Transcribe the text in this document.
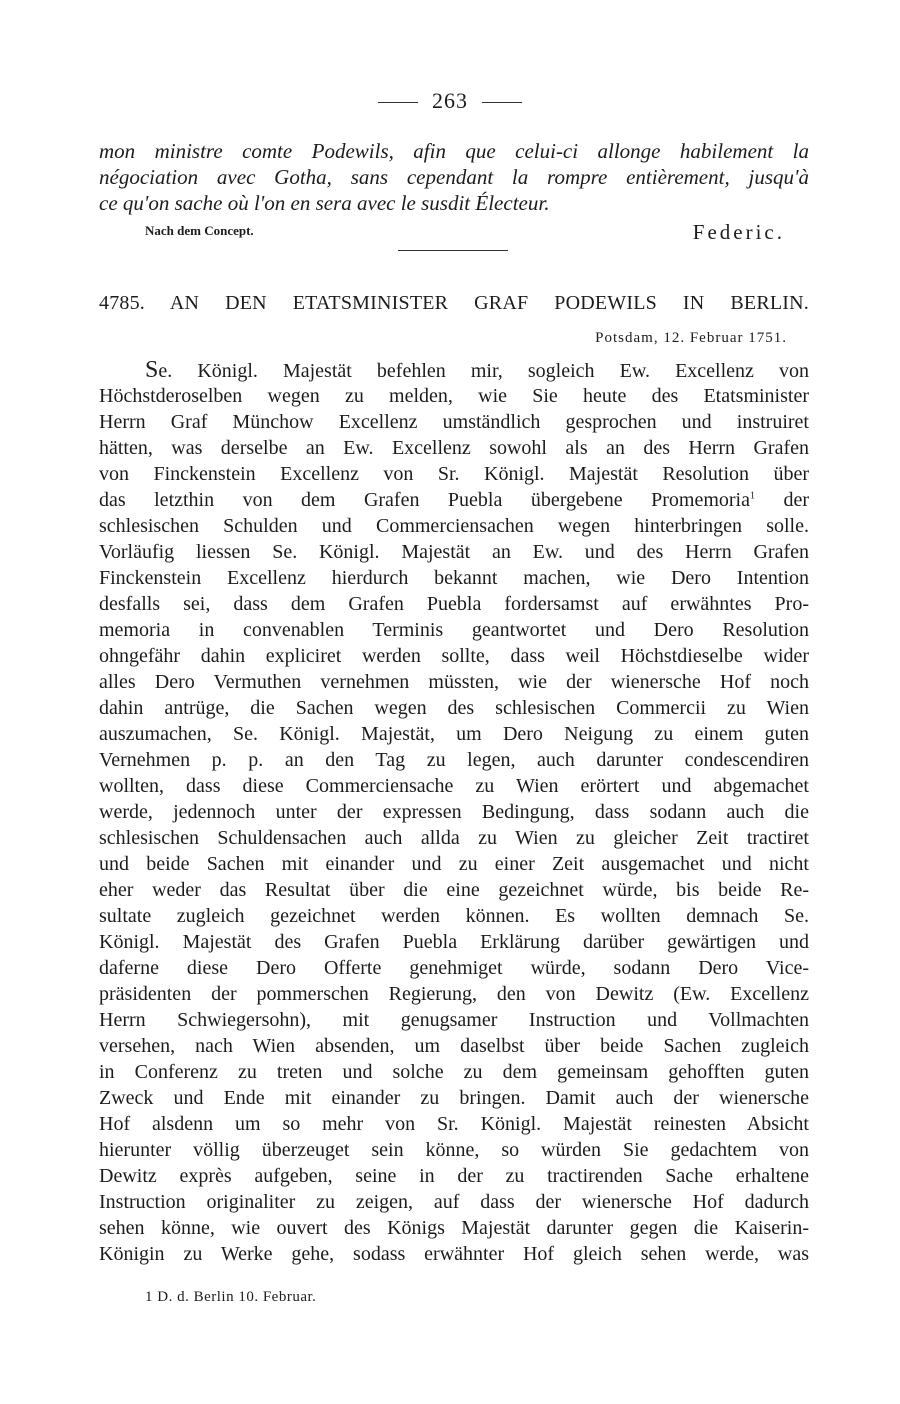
263

mon ministre comte Podewils, afin que celui-ci allonge habilement la

négociation avec Gotha, sans cependant la rompre entièrement, jusqu'à

ce qu'on sache où l'on en sera avec le susdit Électeur.

Nach dem Concept.	Federic.
4785. AN DEN ETATSMINISTER GRAF PODEWILS IN BERLIN.
Potsdam, 12. Februar 1751.
Se. Königl. Majestät befehlen mir, sogleich Ew. Excellenz von
Höchstderoselben wegen zu melden, wie Sie heute des Etatsminister
Herrn Graf Münchow Excellenz umständlich gesprochen und instruiret
hätten, was derselbe an Ew. Excellenz sowohl als an des Herrn Grafen
von Finckenstein Excellenz von Sr. Königl. Majestät Resolution über
das letzthin von dem Grafen Puebla übergebene Promemoria$^1$ der
schlesischen Schulden und Commerciensachen wegen hinterbringen solle.
Vorläufig liessen Se. Königl. Majestät an Ew. und des Herrn Grafen
Finckenstein Excellenz hierdurch bekannt machen, wie Dero Intention
desfalls sei, dass dem Grafen Puebla fordersamst auf erwähntes Pro-
memoria in convenablen Terminis geantwortet und Dero Resolution
ohngefähr dahin expliciret werden sollte, dass weil Höchstdieselbe wider
alles Dero Vermuthen vernehmen müssten, wie der wienersche Hof noch
dahin antrüge, die Sachen wegen des schlesischen Commercii zu Wien
auszumachen, Se. Königl. Majestät, um Dero Neigung zu einem guten
Vernehmen p. p. an den Tag zu legen, auch darunter condescendiren
wollten, dass diese Commerciensache zu Wien erörtert und abgemachet
werde, jedennoch unter der expressen Bedingung, dass sodann auch die
schlesischen Schuldensachen auch allda zu Wien zu gleicher Zeit tractiret
und beide Sachen mit einander und zu einer Zeit ausgemachet und nicht
eher weder das Resultat über die eine gezeichnet würde, bis beide Re-
sultate zugleich gezeichnet werden können. Es wollten demnach Se.
Königl. Majestät des Grafen Puebla Erklärung darüber gewärtigen und
daferne diese Dero Offerte genehmiget würde, sodann Dero Vice-
präsidenten der pommerschen Regierung, den von Dewitz (Ew. Excellenz
Herrn Schwiegersohn), mit genugsamer Instruction und Vollmachten
versehen, nach Wien absenden, um daselbst über beide Sachen zugleich
in Conferenz zu treten und solche zu dem gemeinsam gehofften guten
Zweck und Ende mit einander zu bringen. Damit auch der wienersche
Hof alsdenn um so mehr von Sr. Königl. Majestät reinesten Absicht
hierunter völlig überzeuget sein könne, so würden Sie gedachtem von
Dewitz exprès aufgeben, seine in der zu tractirenden Sache erhaltene
Instruction originaliter zu zeigen, auf dass der wienersche Hof dadurch
sehen könne, wie ouvert des Königs Majestät darunter gegen die Kaiserin-
Königin zu Werke gehe, sodass erwähnter Hof gleich sehen werde, was
1 D. d. Berlin 10. Februar.
